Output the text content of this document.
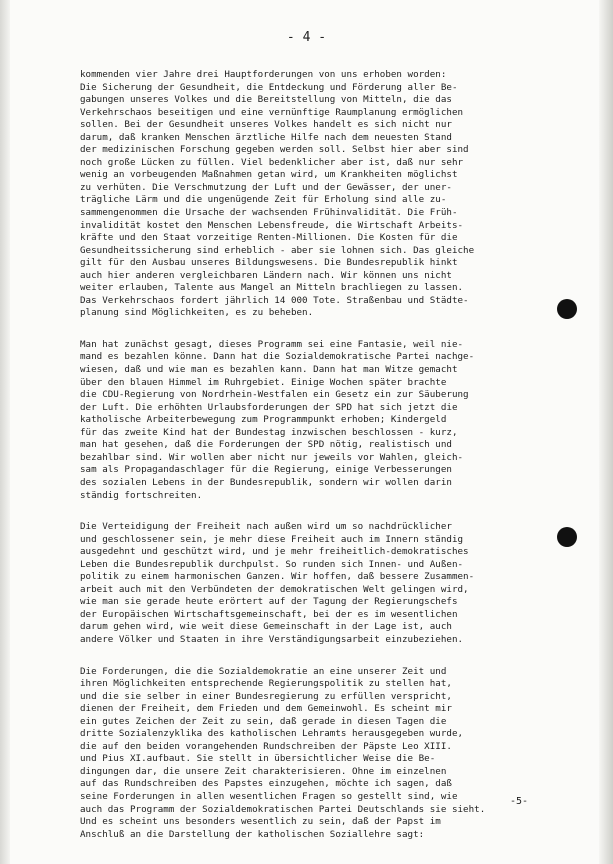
- 4 -
kommenden vier Jahre drei Hauptforderungen von uns erhoben worden:
Die Sicherung der Gesundheit, die Entdeckung und Förderung aller Be-
gabungen unseres Volkes und die Bereitstellung von Mitteln, die das
Verkehrschaos beseitigen und eine vernünftige Raumplanung ermöglichen
sollen. Bei der Gesundheit unseres Volkes handelt es sich nicht nur
darum, daß kranken Menschen ärztliche Hilfe nach dem neuesten Stand
der medizinischen Forschung gegeben werden soll. Selbst hier aber sind
noch große Lücken zu füllen. Viel bedenklicher aber ist, daß nur sehr
wenig an vorbeugenden Maßnahmen getan wird, um Krankheiten möglichst
zu verhüten. Die Verschmutzung der Luft und der Gewässer, der uner-
trägliche Lärm und die ungenügende Zeit für Erholung sind alle zu-
sammengenommen die Ursache der wachsenden Frühinvalidität. Die Früh-
invalidität kostet den Menschen Lebensfreude, die Wirtschaft Arbeits-
kräfte und den Staat vorzeitige Renten-Millionen. Die Kosten für die
Gesundheitssicherung sind erheblich - aber sie lohnen sich. Das gleiche
gilt für den Ausbau unseres Bildungswesens. Die Bundesrepublik hinkt
auch hier anderen vergleichbaren Ländern nach. Wir können uns nicht
weiter erlauben, Talente aus Mangel an Mitteln brachliegen zu lassen.
Das Verkehrschaos fordert jährlich 14 000 Tote. Straßenbau und Städte-
planung sind Möglichkeiten, es zu beheben.
Man hat zunächst gesagt, dieses Programm sei eine Fantasie, weil nie-
mand es bezahlen könne. Dann hat die Sozialdemokratische Partei nachge-
wiesen, daß und wie man es bezahlen kann. Dann hat man Witze gemacht
über den blauen Himmel im Ruhrgebiet. Einige Wochen später brachte
die CDU-Regierung von Nordrhein-Westfalen ein Gesetz ein zur Säuberung
der Luft. Die erhöhten Urlaubsforderungen der SPD hat sich jetzt die
katholische Arbeiterbewegung zum Programmpunkt erhoben; Kindergeld
für das zweite Kind hat der Bundestag inzwischen beschlossen - kurz,
man hat gesehen, daß die Forderungen der SPD nötig, realistisch und
bezahlbar sind. Wir wollen aber nicht nur jeweils vor Wahlen, gleich-
sam als Propagandaschlager für die Regierung, einige Verbesserungen
des sozialen Lebens in der Bundesrepublik, sondern wir wollen darin
ständig fortschreiten.
Die Verteidigung der Freiheit nach außen wird um so nachdrücklicher
und geschlossener sein, je mehr diese Freiheit auch im Innern ständig
ausgedehnt und geschützt wird, und je mehr freiheitlich-demokratisches
Leben die Bundesrepublik durchpulst. So runden sich Innen- und Außen-
politik zu einem harmonischen Ganzen. Wir hoffen, daß bessere Zusammen-
arbeit auch mit den Verbündeten der demokratischen Welt gelingen wird,
wie man sie gerade heute erörtert auf der Tagung der Regierungschefs
der Europäischen Wirtschaftsgemeinschaft, bei der es im wesentlichen
darum gehen wird, wie weit diese Gemeinschaft in der Lage ist, auch
andere Völker und Staaten in ihre Verständigungsarbeit einzubeziehen.
Die Forderungen, die die Sozialdemokratie an eine unserer Zeit und
ihren Möglichkeiten entsprechende Regierungspolitik zu stellen hat,
und die sie selber in einer Bundesregierung zu erfüllen verspricht,
dienen der Freiheit, dem Frieden und dem Gemeinwohl. Es scheint mir
ein gutes Zeichen der Zeit zu sein, daß gerade in diesen Tagen die
dritte Sozialenzyklika des katholischen Lehramts herausgegeben wurde,
die auf den beiden vorangehenden Rundschreiben der Päpste Leo XIII.
und Pius XI.aufbaut. Sie stellt in übersichtlicher Weise die Be-
dingungen dar, die unsere Zeit charakterisieren. Ohne im einzelnen
auf das Rundschreiben des Papstes einzugehen, möchte ich sagen, daß
seine Forderungen in allen wesentlichen Fragen so gestellt sind, wie
auch das Programm der Sozialdemokratischen Partei Deutschlands sie sieht.
Und es scheint uns besonders wesentlich zu sein, daß der Papst im
Anschluß an die Darstellung der katholischen Soziallehre sagt:
-5-
